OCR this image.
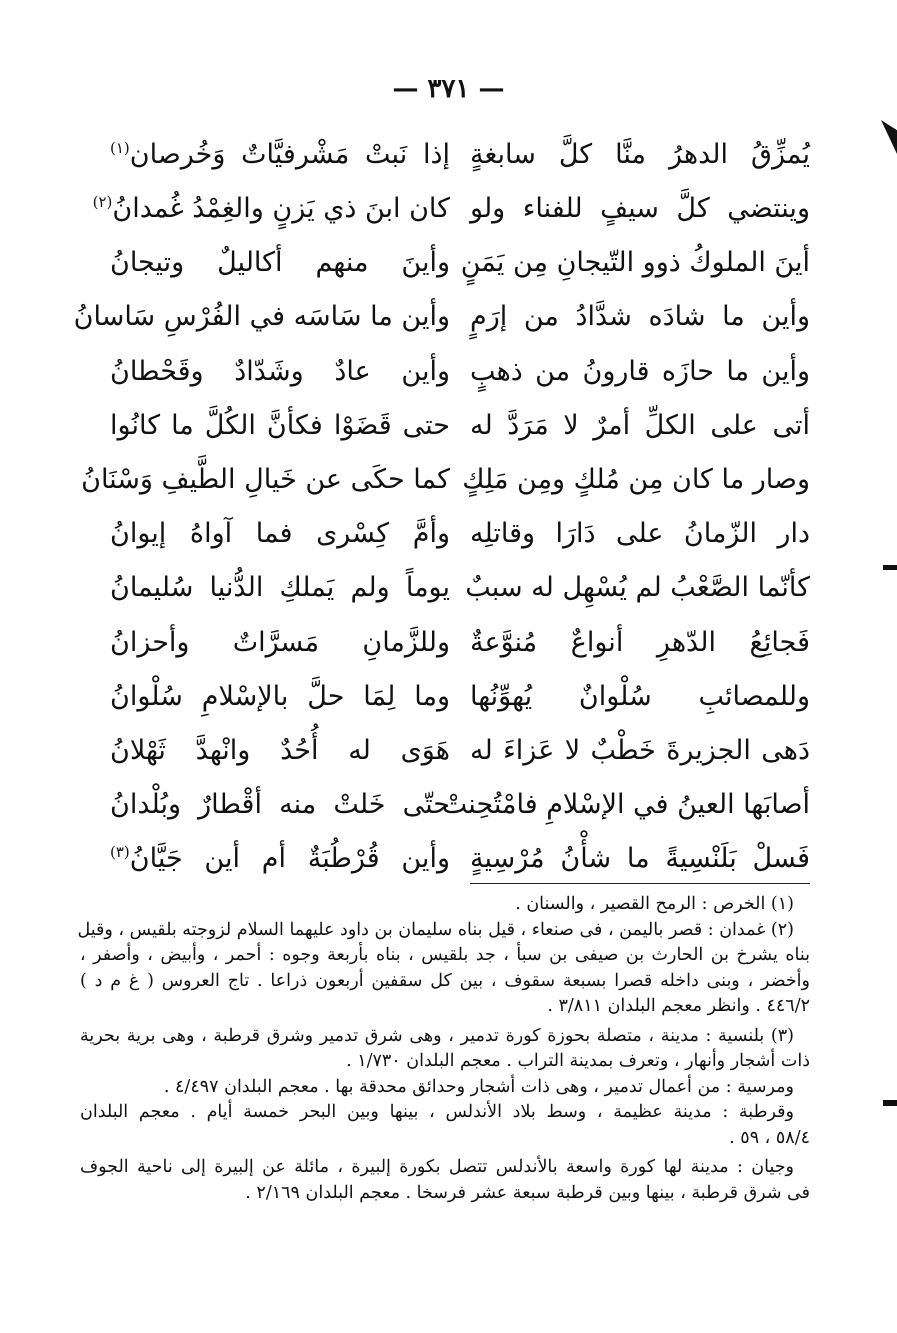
— ٣٧١ —
يُمزِّقُ الدهرُ منَّا كلَّ سابغةٍ
إذا نَبتْ مَشْرفيَّاتٌ وَخُرصان$^{(١)}$
وينتضي كلَّ سيفٍ للفناء ولو
كان ابنَ ذي يَزنٍ والغِمْدُ غُمدانُ$^{(٢)}$
أينَ الملوكُ ذوو التّيجانِ مِن يَمَنٍ
وأينَ منهم أكاليلٌ وتيجانُ
وأين ما شادَه شدَّادُ من إرَمٍ
وأين ما سَاسَه في الفُرْسِ سَاسانُ
وأين ما حازَه قارونُ من ذهبٍ
وأين عادٌ وشَدّادٌ وقَحْطانُ
أتى على الكلِّ أمرٌ لا مَرَدَّ له
حتى قَضَوْا فكأنَّ الكُلَّ ما كانُوا
وصار ما كان مِن مُلكٍ ومِن مَلِكٍ
كما حكَى عن خَيالِ الطَّيفِ وَسْنَانُ
دار الزّمانُ على دَارَا وقاتلِه
وأمَّ كِسْرى فما آواهُ إيوانُ
كأنّما الصَّعْبُ لم يُسْهِل له سببٌ
يوماً ولم يَملكِ الدُّنيا سُليمانُ
فَجائِعُ الدّهرِ أنواعٌ مُنوَّعةٌ
وللزَّمانِ مَسرَّاتٌ وأحزانُ
وللمصائبِ سُلْوانٌ يُهوِّنُها
وما لِمَا حلَّ بالإسْلامِ سُلْوانُ
دَهى الجزيرةَ خَطْبٌ لا عَزاءَ له
هَوَى له أُحُدٌ وانْهدَّ ثَهْلانُ
أصابَها العينُ في الإسْلامِ فامْتُحِنتْ
حتّى خَلتْ منه أقْطارٌ وبُلْدانُ
فَسلْ بَلَنْسِيةً ما شأْنُ مُرْسِيةٍ
وأين قُرْطُبَةٌ أم أين جَيَّانُ$^{(٣)}$
(١) الخرص : الرمح القصير ، والسنان .
(٢) غمدان : قصر باليمن ، فى صنعاء ، قيل بناه سليمان بن داود عليهما السلام لزوجته بلقيس ، وقيل
بناه يشرخ بن الحارث بن صيفى بن سبأ ، جد بلقيس ، بناه بأربعة وجوه : أحمر ، وأبيض ، وأصفر ،
وأخضر ، وبنى داخله قصرا بسبعة سقوف ، بين كل سقفين أربعون ذراعا . تاج العروس ( غ م د )
٤٤٦/٢ . وانظر معجم البلدان ٣/٨١١ .
(٣) بلنسية : مدينة ، متصلة بحوزة كورة تدمير ، وهى شرق تدمير وشرق قرطبة ، وهى برية بحرية
ذات أشجار وأنهار ، وتعرف بمدينة التراب . معجم البلدان ١/٧٣٠ .
ومرسية : من أعمال تدمير ، وهى ذات أشجار وحدائق محدقة بها . معجم البلدان ٤/٤٩٧ .
وقرطبة : مدينة عظيمة ، وسط بلاد الأندلس ، بينها وبين البحر خمسة أيام . معجم البلدان
٥٨/٤ ، ٥٩ .
وجيان : مدينة لها كورة واسعة بالأندلس تتصل بكورة إلبيرة ، مائلة عن إلبيرة إلى ناحية الجوف
فى شرق قرطبة ، بينها وبين قرطبة سبعة عشر فرسخا . معجم البلدان ٢/١٦٩ .
